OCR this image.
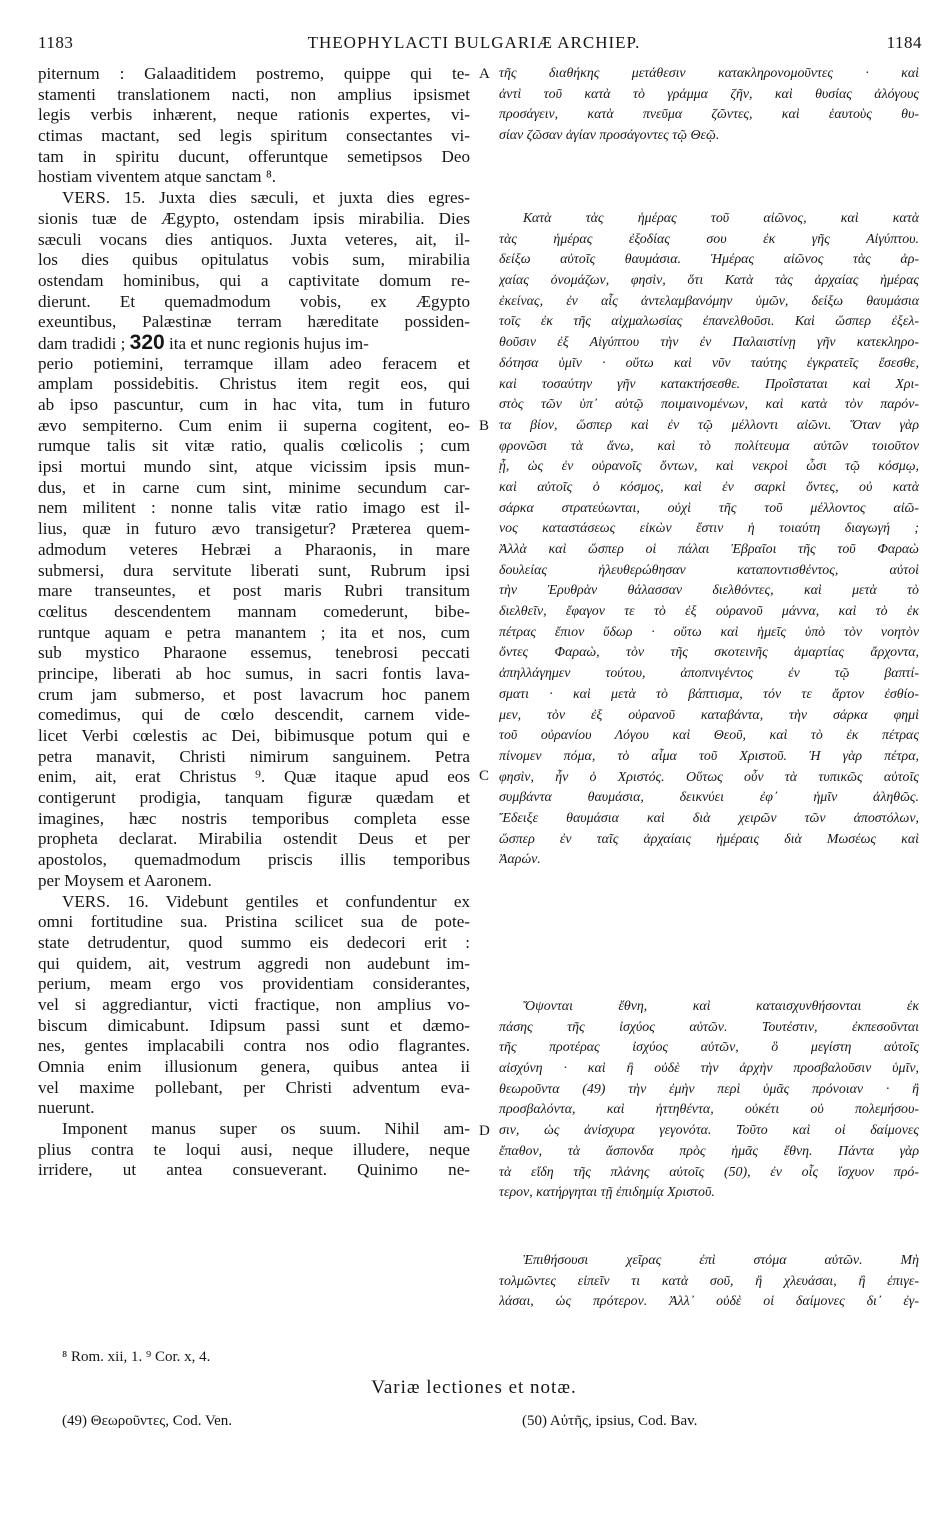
1183	THEOPHYLACTI BULGARIÆ ARCHIEP.	1184
piternum : Galaaditidem postremo, quippe qui te-
stamenti translationem nacti, non amplius ipsismet
legis verbis inhærent, neque rationis expertes, vi-
ctimas mactant, sed legis spiritum consectantes vi-
tam in spiritu ducunt, offeruntque semetipsos Deo
hostiam viventem atque sanctam ⁸.
VERS. 15. Juxta dies sæculi, et juxta dies egres-
sionis tuæ de Ægypto, ostendam ipsis mirabilia. Dies
sæculi vocans dies antiquos. Juxta veteres, ait, il-
los dies quibus opitulatus vobis sum, mirabilia
ostendam hominibus, qui a captivitate domum re-
dierunt. Et quemadmodum vobis, ex Ægypto
exeuntibus, Palæstinæ terram hæreditate possiden-
dam tradidi ; 320 ita et nunc regionis hujus im-
perio potiemini, terramque illam adeo feracem et
amplam possidebitis. Christus item regit eos, qui
ab ipso pascuntur, cum in hac vita, tum in futuro
ævo sempiterno. Cum enim ii superna cogitent, eo-
rumque talis sit vitæ ratio, qualis cœlicolis ; cum
ipsi mortui mundo sint, atque vicissim ipsis mun-
dus, et in carne cum sint, minime secundum car-
nem militent : nonne talis vitæ ratio imago est il-
lius, quæ in futuro ævo transigetur? Præterea quem-
admodum veteres Hebræi a Pharaonis, in mare
submersi, dura servitute liberati sunt, Rubrum ipsi
mare transeuntes, et post maris Rubri transitum
cœlitus descendentem mannam comederunt, bibe-
runtque aquam e petra manantem ; ita et nos, cum
sub mystico Pharaone essemus, tenebrosi peccati
principe, liberati ab hoc sumus, in sacri fontis lava-
crum jam submerso, et post lavacrum hoc panem
comedimus, qui de cœlo descendit, carnem vide-
licet Verbi cœlestis ac Dei, bibimusque potum qui e
petra manavit, Christi nimirum sanguinem. Petra
enim, ait, erat Christus ⁹. Quæ itaque apud eos
contigerunt prodigia, tanquam figuræ quædam et
imagines, hæc nostris temporibus completa esse
propheta declarat. Mirabilia ostendit Deus et per
apostolos, quemadmodum priscis illis temporibus
per Moysem et Aaronem.
VERS. 16. Videbunt gentiles et confundentur ex
omni fortitudine sua. Pristina scilicet sua de pote-
state detrudentur, quod summo eis dedecori erit :
qui quidem, ait, vestrum aggredi non audebunt im-
perium, meam ergo vos providentiam considerantes,
vel si aggrediantur, victi fractique, non amplius vo-
biscum dimicabunt. Idipsum passi sunt et dæmo-
nes, gentes implacabili contra nos odio flagrantes.
Omnia enim illusionum genera, quibus antea ii
vel maxime pollebant, per Christi adventum eva-
nuerunt.
Imponent manus super os suum. Nihil am-
plius contra te loqui ausi, neque illudere, neque
irridere, ut antea consueverant. Quinimo ne-
A
B
C
D
τῆς διαθήκης μετάθεσιν κατακληρονομοῦντες · καὶ
ἀντὶ τοῦ κατὰ τὸ γράμμα ζῆν, καὶ θυσίας ἀλόγους
προσάγειν, κατὰ πνεῦμα ζῶντες, καὶ ἑαυτοὺς θυ-
σίαν ζῶσαν ἁγίαν προσάγοντες τῷ Θεῷ.
Κατὰ τὰς ἡμέρας τοῦ αἰῶνος, καὶ κατὰ
τὰς ἡμέρας ἐξοδίας σου ἐκ γῆς Αἰγύπτου.
δείξω αὐτοῖς θαυμάσια. Ἡμέρας αἰῶνος τὰς ἀρ-
χαίας ὀνομάζων, φησὶν, ὅτι Κατὰ τὰς ἀρχαίας ἡμέρας
ἐκείνας, ἐν αἷς ἀντελαμβανόμην ὑμῶν, δείξω θαυμάσια
τοῖς ἐκ τῆς αἰχμαλωσίας ἐπανελθοῦσι. Καὶ ὥσπερ ἐξελ-
θοῦσιν ἐξ Αἰγύπτου τὴν ἐν Παλαιστίνῃ γῆν κατεκληρο-
δότησα ὑμῖν · οὕτω καὶ νῦν ταύτης ἐγκρατεῖς ἔσεσθε,
καὶ τοσαύτην γῆν κατακτήσεσθε. Προΐσταται καὶ Χρι-
στὸς τῶν ὑπ᾽ αὐτῷ ποιμαινομένων, καὶ κατὰ τὸν παρόν-
τα βίον, ὥσπερ καὶ ἐν τῷ μέλλοντι αἰῶνι. Ὅταν γὰρ
φρονῶσι τὰ ἄνω, καὶ τὸ πολίτευμα αὐτῶν τοιοῦτον
ᾖ, ὡς ἐν οὐρανοῖς ὄντων, καὶ νεκροὶ ὦσι τῷ κόσμῳ,
καὶ αὐτοῖς ὁ κόσμος, καὶ ἐν σαρκὶ ὄντες, οὐ κατὰ
σάρκα στρατεύωνται, οὐχὶ τῆς τοῦ μέλλοντος αἰῶ-
νος καταστάσεως εἰκὼν ἔστιν ἡ τοιαύτη διαγωγή ;
Ἀλλὰ καὶ ὥσπερ οἱ πάλαι Ἑβραῖοι τῆς τοῦ Φαραὼ
δουλείας ἠλευθερώθησαν καταποντισθέντος, αὐτοὶ
τὴν Ἐρυθρὰν θάλασσαν διελθόντες, καὶ μετὰ τὸ
διελθεῖν, ἔφαγον τε τὸ ἐξ οὐρανοῦ μάννα, καὶ τὸ ἐκ
πέτρας ἔπιον ὕδωρ · οὕτω καὶ ἡμεῖς ὑπὸ τὸν νοητὸν
ὄντες Φαραὼ, τὸν τῆς σκοτεινῆς ἁμαρτίας ἄρχοντα,
ἀπηλλάγημεν τούτου, ἀποπνιγέντος ἐν τῷ βαπτί-
σματι · καὶ μετὰ τὸ βάπτισμα, τόν τε ἄρτον ἐσθίο-
μεν, τὸν ἐξ οὐρανοῦ καταβάντα, τὴν σάρκα φημὶ
τοῦ οὐρανίου Λόγου καὶ Θεοῦ, καὶ τὸ ἐκ πέτρας
πίνομεν πόμα, τὸ αἷμα τοῦ Χριστοῦ. Ἡ γὰρ πέτρα,
φησὶν, ἦν ὁ Χριστός. Οὕτως οὖν τὰ τυπικῶς αὐτοῖς
συμβάντα θαυμάσια, δεικνύει ἐφ᾽ ἡμῖν ἀληθῶς.
Ἔδειξε θαυμάσια καὶ διὰ χειρῶν τῶν ἀποστόλων,
ὥσπερ ἐν ταῖς ἀρχαίαις ἡμέραις διὰ Μωσέως καὶ
Ἀαρών.
Ὄψονται ἔθνη, καὶ καταισχυνθήσονται ἐκ
πάσης τῆς ἰσχύος αὐτῶν. Τουτέστιν, ἐκπεσοῦνται
τῆς προτέρας ἰσχύος αὐτῶν, ὃ μεγίστη αὐτοῖς
αἰσχύνη · καὶ ἢ οὐδὲ τὴν ἀρχὴν προσβαλοῦσιν ὑμῖν,
θεωροῦντα (49) τὴν ἐμὴν περὶ ὑμᾶς πρόνοιαν · ἢ
προσβαλόντα, καὶ ἡττηθέντα, οὐκέτι οὐ πολεμήσου-
σιν, ὡς ἀνίσχυρα γεγονότα. Τοῦτο καὶ οἱ δαίμονες
ἔπαθον, τὰ ἄσπονδα πρὸς ἡμᾶς ἔθνη. Πάντα γὰρ
τὰ εἴδη τῆς πλάνης αὐτοῖς (50), ἐν οἷς ἴσχυον πρό-
τερον, κατήργηται τῇ ἐπιδημίᾳ Χριστοῦ.
Ἐπιθήσουσι χεῖρας ἐπὶ στόμα αὐτῶν. Μὴ
τολμῶντες εἰπεῖν τι κατὰ σοῦ, ἢ χλευάσαι, ἢ ἐπιγε-
λάσαι, ὡς πρότερον. Ἀλλ᾽ οὐδὲ οἱ δαίμονες δι᾽ ἐγ-
⁸ Rom. xii, 1. ⁹ Cor. x, 4.
Variæ lectiones et notæ.
(49) Θεωροῦντες, Cod. Ven.	(50) Αὐτῆς, ipsius, Cod. Bav.
